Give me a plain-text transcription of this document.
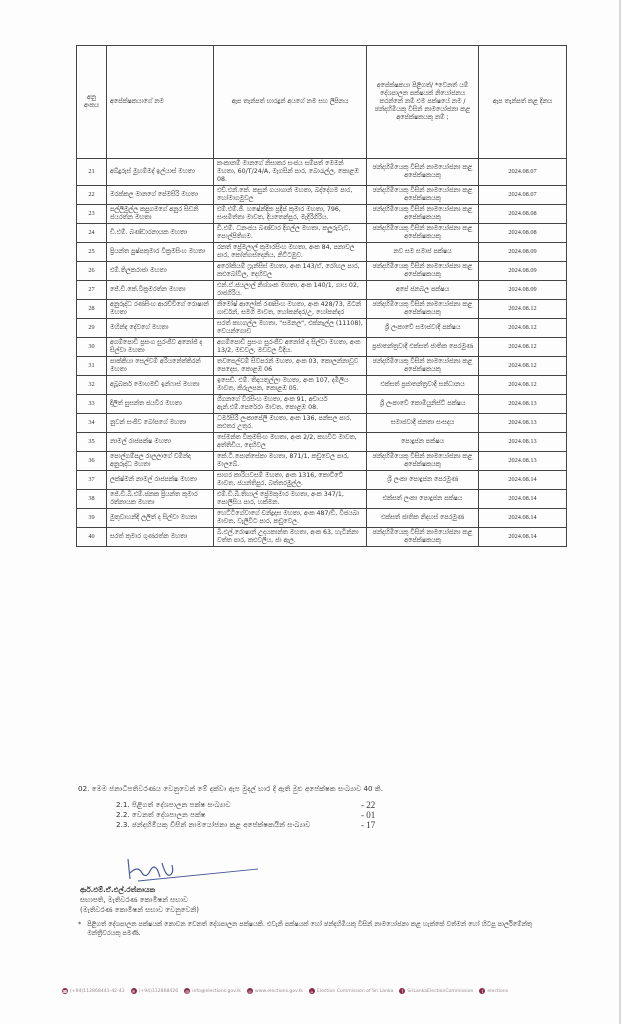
අනු අංකය	අපේක්ෂකයාගේ නම	ඇප තැන්පත් භාරදුන් අයගේ නම සහ ලිපිනය	අපේක්ෂකයා පිළිගත්/ *වෙනත් යම් දේශපාලන පක්ෂයක් නියෝජනය කරන්නේ නම් එම පක්ෂයේ නම / ඡන්දහිමියකු විසින් නාමයෝජනා කළ අපේක්ෂකයකු නම් ;	ඇප තැන්පත් කළ දිනය
21	අබ්දුරුස් මුහම්මද් ඉල්යාස් මහතා	කංකානම් මානගේ නිසාකර සංජය සම්පත් මෙමන් මහතා, 60/T/24/A, මැගසින් පාර, බොරැල්ල, කොළඹ 08.	ඡන්දහිමියෙකු විසින් නාමයෝජනා කළ අපේක්ෂකයකු	2024.08.07
22	මරක්කල මානගේ පේමසිරි මහතා	එච්.එන්.කේ. කසුන් ගයාශාන් මහතා, බද්දේගම පාර, හෝමාගමුවල	ඡන්දහිමියෙකු විසින් නාමයෝජනා කළ අපේක්ෂකයකු	2024.08.07
23	පල්ලිමුල්ල කපුගමගේ අනුර සිඩනි ජයරත්න මහතා	එම්.එම්.ජී. හෂේන්දික ප්‍රදීප් කුමාර මහතා, 796, සංඝමිත්තා මාවත, දියතෙන්පුර, මැදිරිගිරිය.	ඡන්දහිමියෙකු විසින් නාමයෝජනා කළ අපේක්ෂකයකු	2024.08.08
24	ඩී.එම්. බණ්ඩාරනායක මහතා	ඩී.එම්. ධනංජය බණ්ඩාර දිගල්ල මහතා, කලුරුවැව, පොල්පිතිගම.	ඡන්දහිමියෙකු විසින් නාමයෝජනා කළ අපේක්ෂකයකු	2024.08.08
25	ප්‍රියන්ත පුෂ්පකුමාර වික්‍රමසිංහ මහතා	රනත් ප්‍රේමලාල් කුමාරසිංහ මහතා, අංක 84, පනාවල පාර, කෝන්ගස්දෙනිය, නිට්ටඹුව.	නව සම සමාජ පක්ෂය	2024.08.09
26	එම්.තිලකරාජා මහතා	අරෝකියම් ෆ්‍රැන්සිස් මහතා, අංක 143/ඒ, රෝහල පාර, කළුබෝවිල, දෙහිවල	ඡන්දහිමියෙකු විසින් නාමයෝජනා කළ අපේක්ෂකයකු	2024.08.09
27	ජේ.ඩී.කේ.වික්‍රමරත්න මහතා	එන්.ඒ.ජයලාල් නිශ්ශංක මහතා, අංක 140/1, ගාය 02, රාජගිරිය.	අපේ ජනබල පක්ෂය	2024.08.09
28	අනුරුද්ධ රණසිංහ ආරච්චිගේ රොෂාන් මහතා	නිමෝෂ් ආලෝක් රණසිංහ මහතා, අංක 428/73, ඔටන් ගාර්ඩන්, සමගි මාවත, හෝකන්දර/උ, හෝකන්දර	ඡන්දහිමියෙකු විසින් නාමයෝජනා කළ අපේක්ෂකයකු	2024.08.12
29	මහින්ද දේවගේ මහතා	සරත් කහගල්ල මහතා, "සමනල", එක්නැල්ල (11108), වෙයන්ගොඩ	ශ්‍රී ලංකාවේ සමාජවාදී පක්ෂය	2024.08.12
30	අගම්පොඩි ප්‍රසංග සුරංජීව අනෝජ් ද සිල්වා මහතා	අගම්පොඩි ප්‍රසංග සුරංජීව අනෝජ් ද සිල්වා මහතා, අංක 13/2, මඩවල, මඩවල වීදිය.	ප්‍රජාතන්ත්‍රවාදී එක්සත් ජාතික පෙරමුණ	2024.08.12
31	පාක්කියා සෙල්වම් අරියනේත්තිරන් මහතා	තවපෙල්වම් සිවපරන් මහතා, අංක 03, කොලන්නාවූව පෙදෙස, කොළඹ 06	ඡන්දහිමියෙකු විසින් නාමයෝජනා කළ අපේක්ෂකයකු	2024.08.12
32	අබූබකර් මොහමඩ් ඉන්ෆාස් මහතා	ඉසෙඩ්. එම්. තිදායතුල්ලා මහතා, අංක 107, දමිලිය මාවත, කිරුලපන, කොළඹ 05.	එක්සත් ප්‍රජාතන්ත්‍රවාදී සන්ධානය	2024.08.12
33	දිලිත් සුසන්ත ජයවීර මහතා	ගීගනගේ විරසිංහ මහතා, අංක 91, අචාර්ය ඇන්.එම්.පෙරේරා මාවත, කොළඹ 08.	ශ්‍රී ලංකාවේ කොමියුනිස්ට් පක්ෂය	2024.08.13
34	නුවන් සංජීව බෝපගේ මහතා	ධර්මසිරි ලංකාපේලි මහතා, අංක 136, පන්සල පාර, කළුතර උතුර.	සමාජවාදී ජනතා සංසදය	2024.08.13
35	නාමල් රාජපක්ෂ මහතා	සේමන්ත විකුමසිංහ මහතා, අංක 2/2, කහවිට මාවත, අත්තිඩිය, දෙහිවල	පොදුජන පක්ෂය	2024.08.13
36	පොල්ගම්පල රාලලාගේ වමින්ද අනුරුද්ධ මහතා	කේ.ටී.පොන්සේකා මහතා, 871/1, කඩුවෙල පාර, මාලබේ.	ඡන්දහිමියෙකු විසින් නාමයෝජනා කළ අපේක්ෂකයකු	2024.08.13
37	ලක්ෂ්මන් නාමල් රාජපක්ෂ මහතා	සාගර කාරියවසම් මහතා, අංක 1316, කොට්ටේ මාවත, ජයන්තිපුර, බත්තරමුල්ල.	ශ්‍රී ලංකා පොදුජන පෙරමුණ	2024.08.14
38	ජේ.ඩී.බී.එම්.ජනක ප්‍රියන්ත කුමාර රත්නායක මහතා	එම්.ඩී.බී.තිහාල් ප්‍රේමකුමාර මහතා, අංක 347/1, පොලීසිය පාර, හක්මන.	එක්සත් ලංකා පොදුජන පක්ෂය	2024.08.14
39	මුතුවාහන්දි ලලිත් ද සිල්වා මහතා	හෙට්ටිගේවාගේ චන්ද්‍රදාස මහතා, අංක 487/ඩී, විජයබා මාවත, වැලිවිට පාර, කඩුවෙල.	එක්සත් ජාතික නිදහස් පෙරමුණ	2024.08.14
40	සරත් කුමාර ගුණරත්න මහතා	බී.එල්.රොෂාන් උදයකාන්ත මහතා, අංක 63, හැටින්නා වත්ත පාර, කළුවලිය, ජා ඇල.	ඡන්දහිමියෙකු විසින් නාමයෝජනා කළ අපේක්ෂකයකු	2024.08.14
02. මෙම ජනාධිපතිවරණය වෙනුවෙන් මේ දක්වා ඇප මුදල් භාර දී ඇති මුළු අපේක්ෂක සංඛ්‍යාව 40 කි.
2.1. පිළිගත් දේශපාලන පක්ෂ සංඛ්‍යාව	- 22
2.2. වෙනත් දේශපාලන පක්ෂ	- 01
2.3. ඡන්දහිමියකු විසින් නාමයෝජනා කළ අපේක්ෂකයින් සංඛ්‍යාව	- 17
ආර්.එම්.ඒ.එල්.රත්නායක
සභාපති, මැතිවරණ කොමිෂන් සභාව
(මැතිවරණ කොමිෂන් සභාව වෙනුවෙනි)
* පිළිගත් දේශපාලන පක්ෂයක් නොවන වෙනත් දේශපාලන පක්ෂයකි. එවැනි පක්ෂයක් හෝ ඡන්දහිමියකු විසින් නාමයෝජනා කළ හැක්කේ වත්මන් හෝ හිටපු පාර්ලිමේන්තු මන්ත්‍රීවරයකු පමණි.
☎ (+94)112868441-42-43	✉ (+94)112868426 @ info@elections.gov.lk	◎ www.elections.gov.lk	⌂ Election Commission of Sri Lanka	f SriLankaElectionCommission	t elections
